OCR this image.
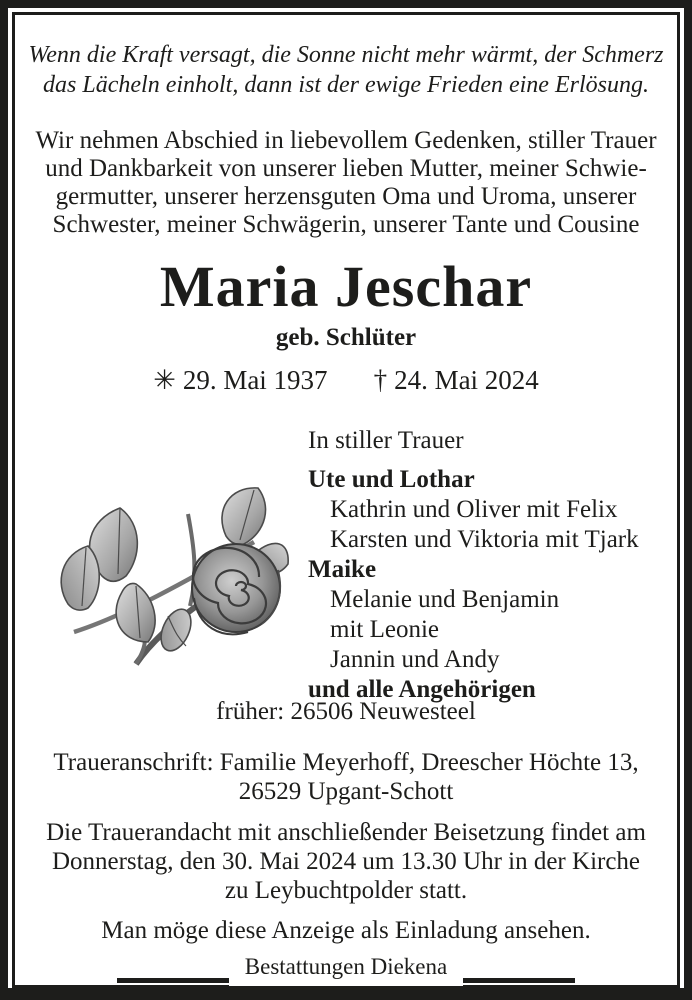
Wenn die Kraft versagt, die Sonne nicht mehr wärmt, der Schmerz
das Lächeln einholt, dann ist der ewige Frieden eine Erlösung.
Wir nehmen Abschied in liebevollem Gedenken, stiller Trauer
und Dankbarkeit von unserer lieben Mutter, meiner Schwie-
germutter, unserer herzensguten Oma und Uroma, unserer
Schwester, meiner Schwägerin, unserer Tante und Cousine
Maria Jeschar
geb. Schlüter
✳ 29. Mai 1937 † 24. Mai 2024
In stiller Trauer
Ute und Lothar
Kathrin und Oliver mit Felix
Karsten und Viktoria mit Tjark
Maike
Melanie und Benjamin
mit Leonie
Jannin und Andy
und alle Angehörigen
früher: 26506 Neuwesteel
Traueranschrift: Familie Meyerhoff, Dreescher Höchte 13,
26529 Upgant-Schott
Die Trauerandacht mit anschließender Beisetzung findet am
Donnerstag, den 30. Mai 2024 um 13.30 Uhr in der Kirche
zu Leybuchtpolder statt.
Man möge diese Anzeige als Einladung ansehen.
Bestattungen Diekena
